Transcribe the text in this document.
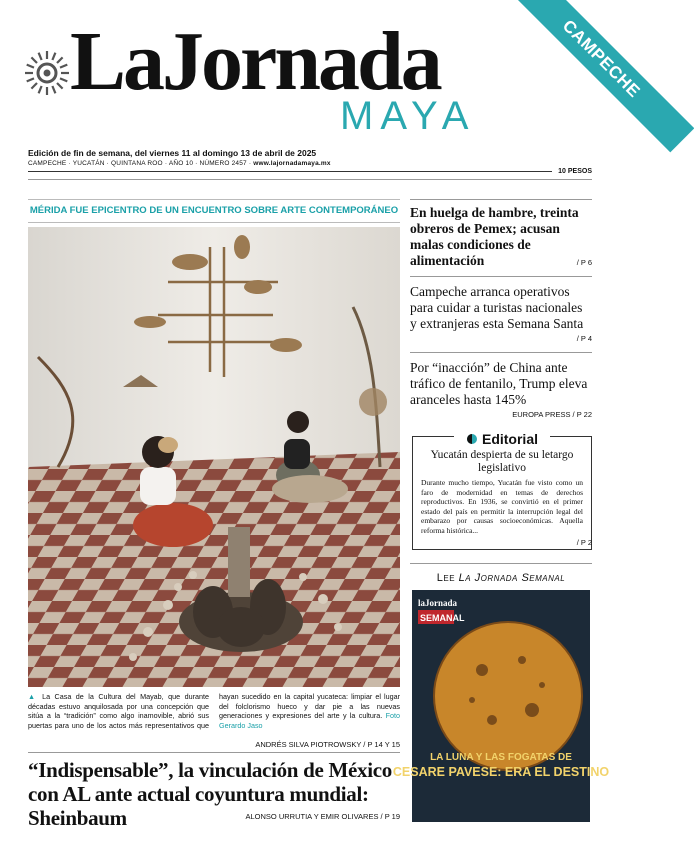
LaJornada
MAYA
CAMPECHE
Edición de fin de semana, del viernes 11 al domingo 13 de abril de 2025
CAMPECHE · YUCATÁN · QUINTANA ROO · AÑO 10 · NÚMERO 2457 · www.lajornadamaya.mx
10 PESOS
MÉRIDA FUE EPICENTRO DE UN ENCUENTRO SOBRE ARTE CONTEMPORÁNEO
▲ La Casa de la Cultura del Mayab, que durante décadas estuvo anquilosada por una concepción que sitúa a la “tradición” como algo inamovible, abrió sus puertas para uno de los actos más representativos que hayan sucedido en la capital yucateca: limpiar el lugar del folclorismo hueco y dar pie a las nuevas generaciones y expresiones del arte y la cultura. Foto Gerardo Jaso
ANDRÉS SILVA PIOTROWSKY / P 14 Y 15
“Indispensable”, la vinculación de México con AL ante actual coyuntura mundial: Sheinbaum	ALONSO URRUTIA Y EMIR OLIVARES / P 19
En huelga de hambre, treinta obreros de Pemex; acusan malas condiciones de alimentación	/ P 6
Campeche arranca operativos para cuidar a turistas nacionales y extranjeras esta Semana Santa
/ P 4
Por “inacción” de China ante tráfico de fentanilo, Trump eleva aranceles hasta 145%
EUROPA PRESS / P 22
Editorial
Yucatán despierta de su letargo legislativo
Durante mucho tiempo, Yucatán fue visto como un faro de modernidad en temas de derechos reproductivos. En 1936, se convirtió en el primer estado del país en permitir la interrupción legal del embarazo por causas socioeconómicas. Aquella reforma histórica...
/ P 2
Lee La Jornada Semanal
laJornada
SEMANAL
LA LUNA Y LAS FOGATAS DE
CESARE PAVESE: ERA EL DESTINO
